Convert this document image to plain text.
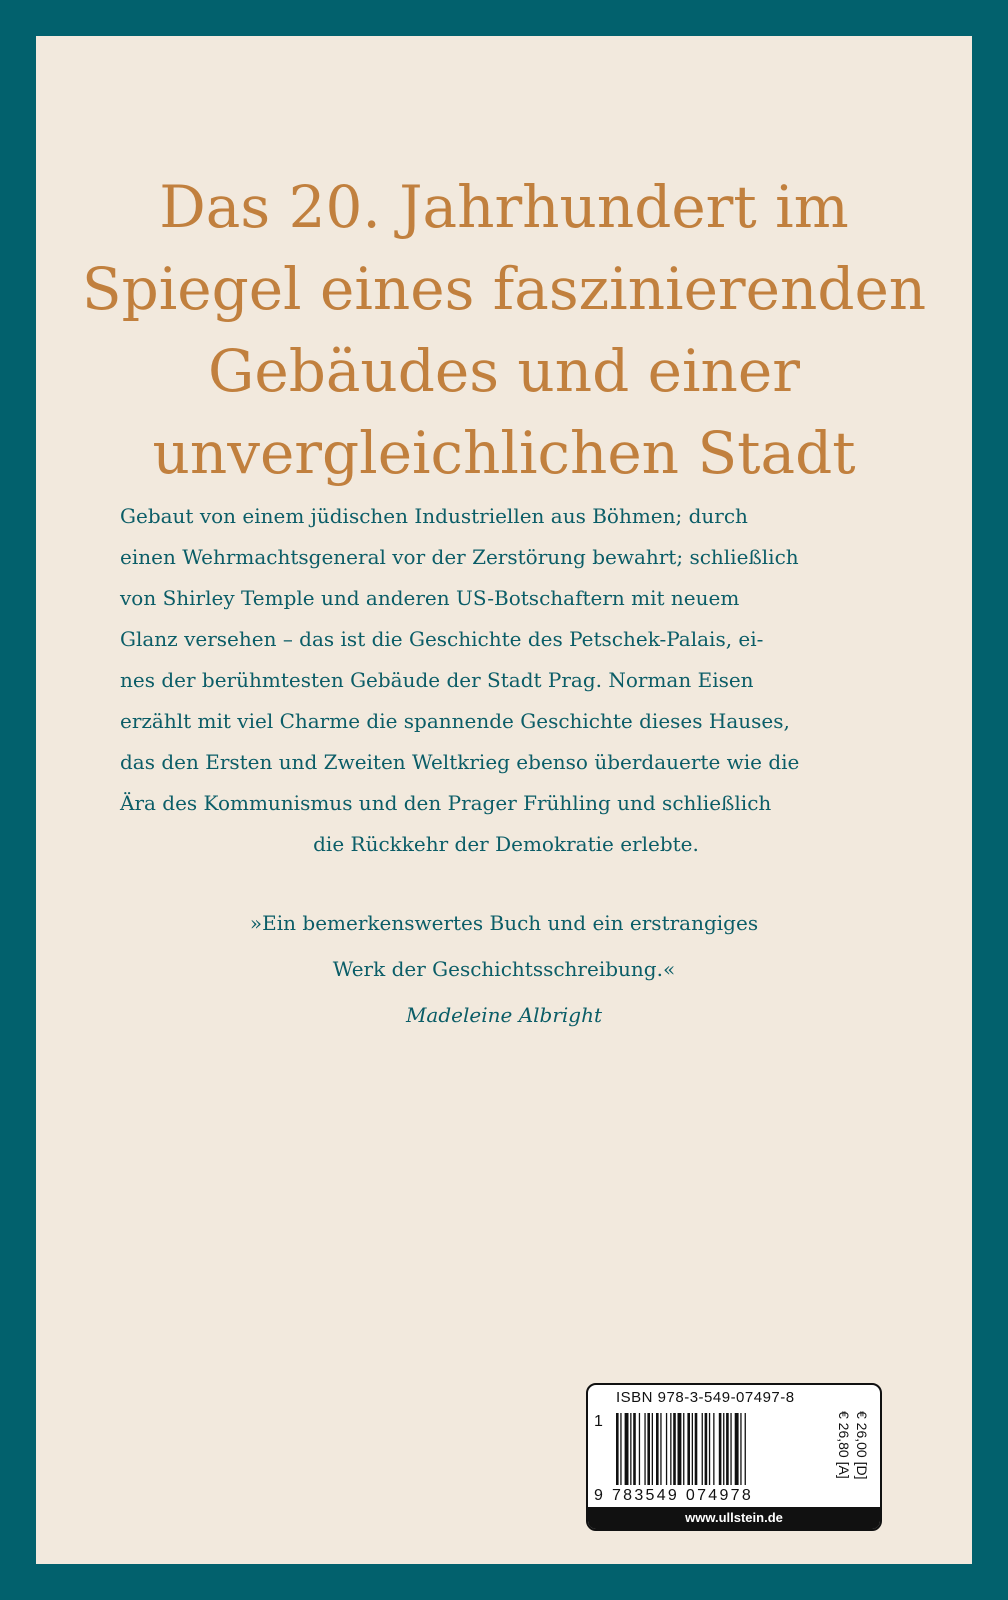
Das 20. Jahrhundert im
Spiegel eines faszinierenden
Gebäudes und einer
unvergleichlichen Stadt
Gebaut von einem jüdischen Industriellen aus Böhmen; durch
einen Wehrmachtsgeneral vor der Zerstörung bewahrt; schließlich
von Shirley Temple und anderen US-Botschaftern mit neuem
Glanz versehen – das ist die Geschichte des Petschek-Palais, ei-
nes der berühmtesten Gebäude der Stadt Prag. Norman Eisen
erzählt mit viel Charme die spannende Geschichte dieses Hauses,
das den Ersten und Zweiten Weltkrieg ebenso überdauerte wie die
Ära des Kommunismus und den Prager Frühling und schließlich
die Rückkehr der Demokratie erlebte.
»Ein bemerkenswertes Buch und ein erstrangiges
Werk der Geschichtsschreibung.«
Madeleine Albright
ISBN 978-3-549-07497-8
1
9 783549 074978
€ 26,00 [D]
€ 26,80 [A]
www.ullstein.de
